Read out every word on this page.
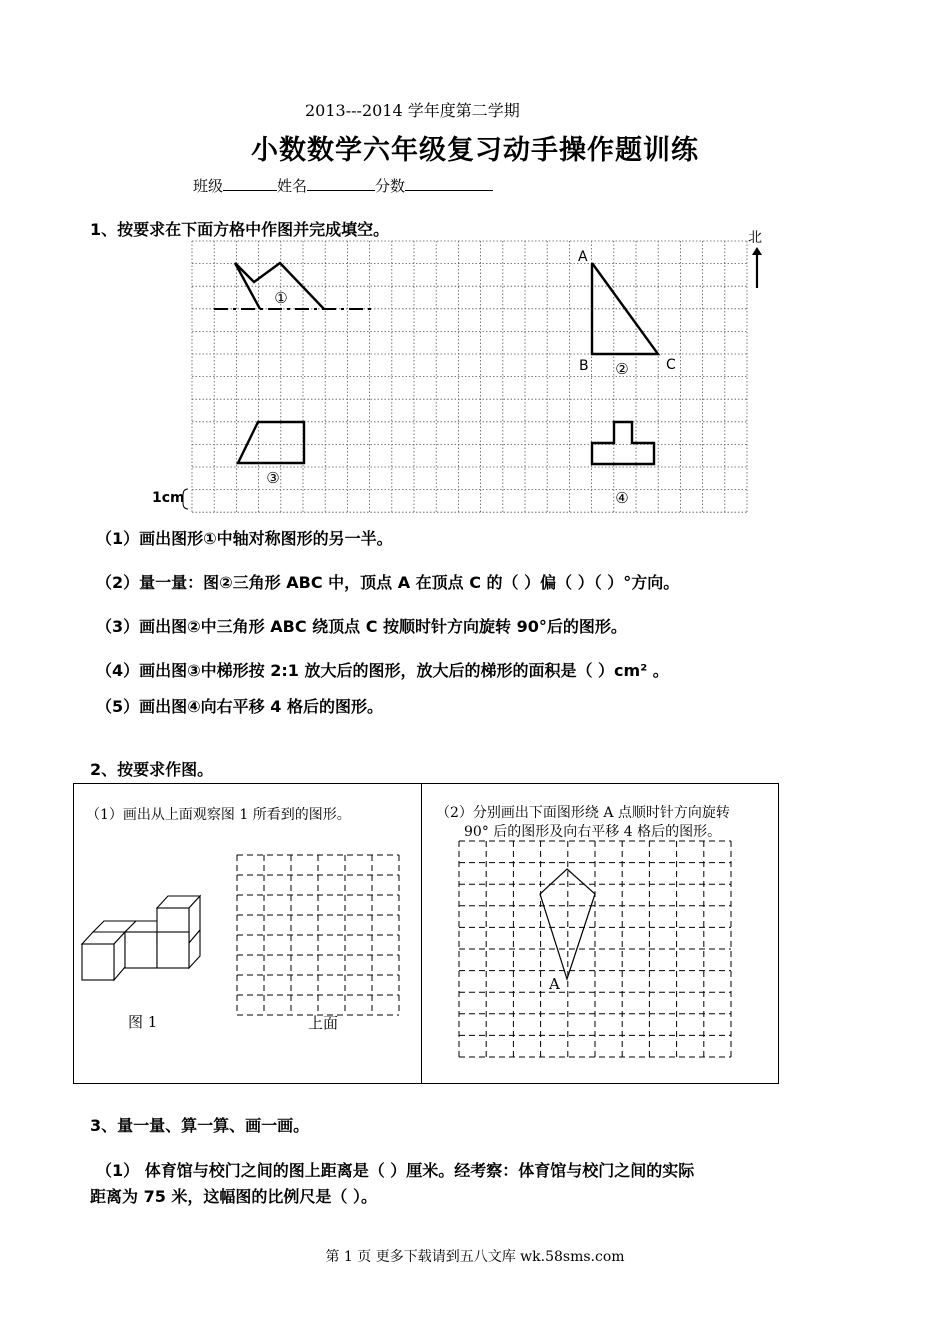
2013---2014 学年度第二学期
小数数学六年级复习动手操作题训练
班级	姓名	分数
1、按要求在下面方格中作图并完成填空。
①
A
B	C
②
③
④
1cm
北
（1）画出图形①中轴对称图形的另一半。
（2）量一量：图②三角形 ABC 中，顶点 A 在顶点 C 的（ ）偏（ ）（ ）°方向。
（3）画出图②中三角形 ABC 绕顶点 C 按顺时针方向旋转 90°后的图形。
（4）画出图③中梯形按 2:1 放大后的图形，放大后的梯形的面积是（ ）cm² 。
（5）画出图④向右平移 4 格后的图形。
2、按要求作图。
（1）画出从上面观察图 1 所看到的图形。	（2）分别画出下面图形绕 A 点顺时针方向旋转
90° 后的图形及向右平移 4 格后的图形。
图 1	上面
A
3、量一量、算一算、画一画。
（1） 体育馆与校门之间的图上距离是（ ）厘米。经考察：体育馆与校门之间的实际
距离为 75 米，这幅图的比例尺是（ ）。
第 1 页 更多下载请到五八文库 wk.58sms.com
